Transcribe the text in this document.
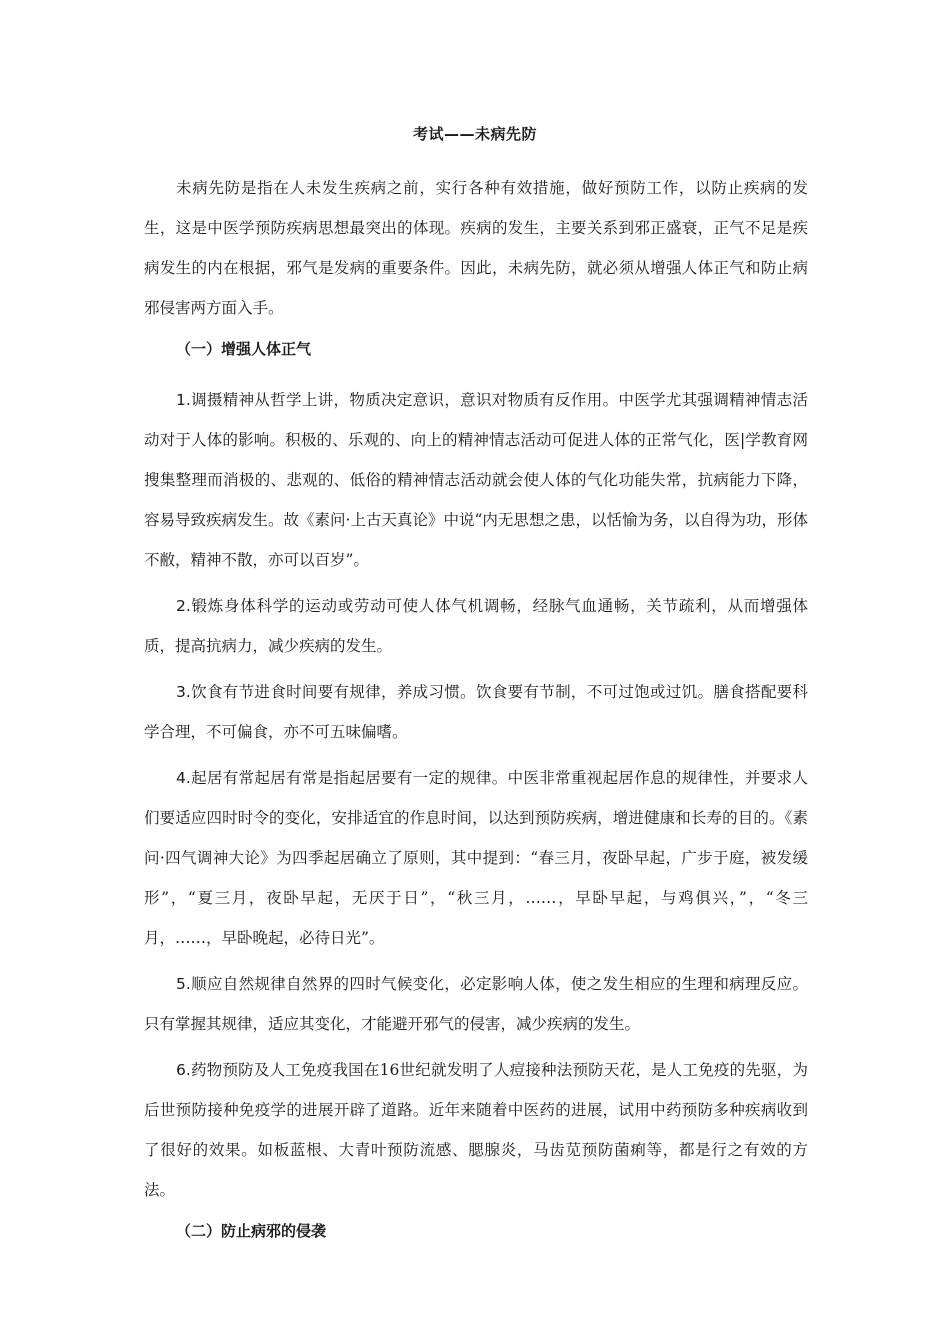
考试——未病先防

未病先防是指在人未发生疾病之前，实行各种有效措施，做好预防工作，以防止疾病的发生，这是中医学预防疾病思想最突出的体现。疾病的发生，主要关系到邪正盛衰，正气不足是疾病发生的内在根据，邪气是发病的重要条件。因此，未病先防，就必须从增强人体正气和防止病邪侵害两方面入手。

（一）增强人体正气

1.调摄精神从哲学上讲，物质决定意识，意识对物质有反作用。中医学尤其强调精神情志活动对于人体的影响。积极的、乐观的、向上的精神情志活动可促进人体的正常气化，医|学教育网搜集整理而消极的、悲观的、低俗的精神情志活动就会使人体的气化功能失常，抗病能力下降，容易导致疾病发生。故《素问·上古天真论》中说“内无思想之患，以恬愉为务，以自得为功，形体不敝，精神不散，亦可以百岁”。

2.锻炼身体科学的运动或劳动可使人体气机调畅，经脉气血通畅，关节疏利，从而增强体质，提高抗病力，减少疾病的发生。

3.饮食有节进食时间要有规律，养成习惯。饮食要有节制，不可过饱或过饥。膳食搭配要科学合理，不可偏食，亦不可五味偏嗜。

4.起居有常起居有常是指起居要有一定的规律。中医非常重视起居作息的规律性，并要求人们要适应四时时令的变化，安排适宜的作息时间，以达到预防疾病，增进健康和长寿的目的。《素问·四气调神大论》为四季起居确立了原则，其中提到：“春三月，夜卧早起，广步于庭，被发缓形”，“夏三月，夜卧早起，无厌于日”，“秋三月，……，早卧早起，与鸡俱兴，”，“冬三月，……，早卧晚起，必待日光”。

5.顺应自然规律自然界的四时气候变化，必定影响人体，使之发生相应的生理和病理反应。只有掌握其规律，适应其变化，才能避开邪气的侵害，减少疾病的发生。

6.药物预防及人工免疫我国在16世纪就发明了人痘接种法预防天花，是人工免疫的先驱，为后世预防接种免疫学的进展开辟了道路。近年来随着中医药的进展，试用中药预防多种疾病收到了很好的效果。如板蓝根、大青叶预防流感、腮腺炎，马齿苋预防菌痢等，都是行之有效的方法。

（二）防止病邪的侵袭
